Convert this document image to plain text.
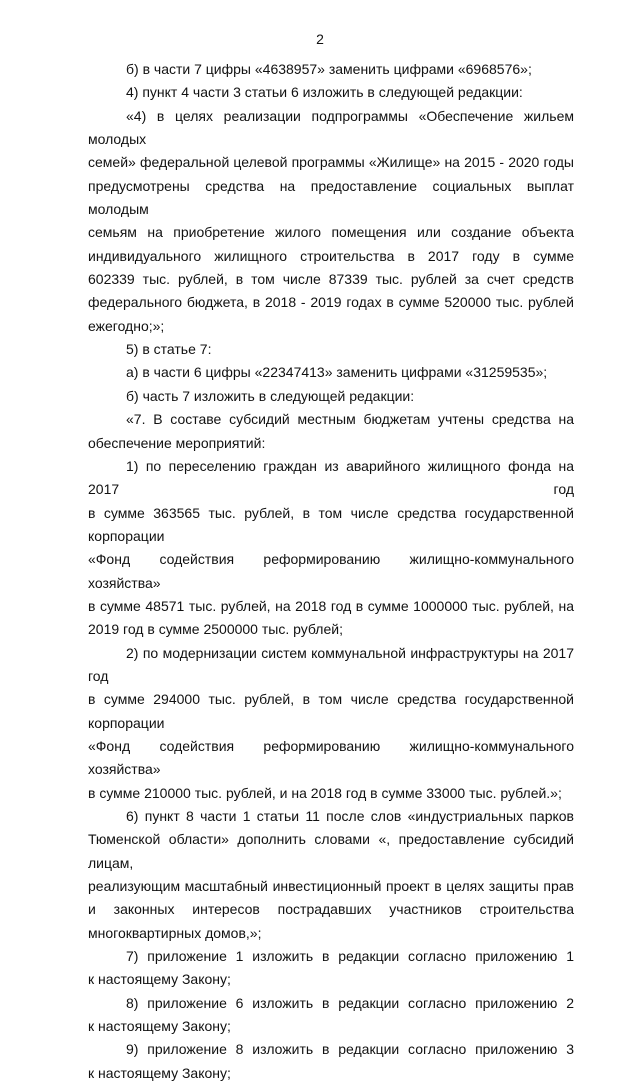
2

б) в части 7 цифры «4638957» заменить цифрами «6968576»;

4) пункт 4 части 3 статьи 6 изложить в следующей редакции:

«4) в целях реализации подпрограммы «Обеспечение жильем молодых

семей» федеральной целевой программы «Жилище» на 2015 - 2020 годы

предусмотрены средства на предоставление социальных выплат молодым

семьям на приобретение жилого помещения или создание объекта

индивидуального жилищного строительства в 2017 году в сумме

602339 тыс. рублей, в том числе 87339 тыс. рублей за счет средств

федерального бюджета, в 2018 - 2019 годах в сумме 520000 тыс. рублей

ежегодно;»;

5) в статье 7:

а) в части 6 цифры «22347413» заменить цифрами «31259535»;

б) часть 7 изложить в следующей редакции:

«7. В составе субсидий местным бюджетам учтены средства на

обеспечение мероприятий:

1) по переселению граждан из аварийного жилищного фонда на 2017 год

в сумме 363565 тыс. рублей, в том числе средства государственной корпорации

«Фонд содействия реформированию жилищно-коммунального хозяйства»

в сумме 48571 тыс. рублей, на 2018 год в сумме 1000000 тыс. рублей, на

2019 год в сумме 2500000 тыс. рублей;

2) по модернизации систем коммунальной инфраструктуры на 2017 год

в сумме 294000 тыс. рублей, в том числе средства государственной корпорации

«Фонд содействия реформированию жилищно-коммунального хозяйства»

в сумме 210000 тыс. рублей, и на 2018 год в сумме 33000 тыс. рублей.»;

6) пункт 8 части 1 статьи 11 после слов «индустриальных парков

Тюменской области» дополнить словами «, предоставление субсидий лицам,

реализующим масштабный инвестиционный проект в целях защиты прав

и законных интересов пострадавших участников строительства

многоквартирных домов,»;

7) приложение 1 изложить в редакции согласно приложению 1

к настоящему Закону;

8) приложение 6 изложить в редакции согласно приложению 2

к настоящему Закону;

9) приложение 8 изложить в редакции согласно приложению 3

к настоящему Закону;
